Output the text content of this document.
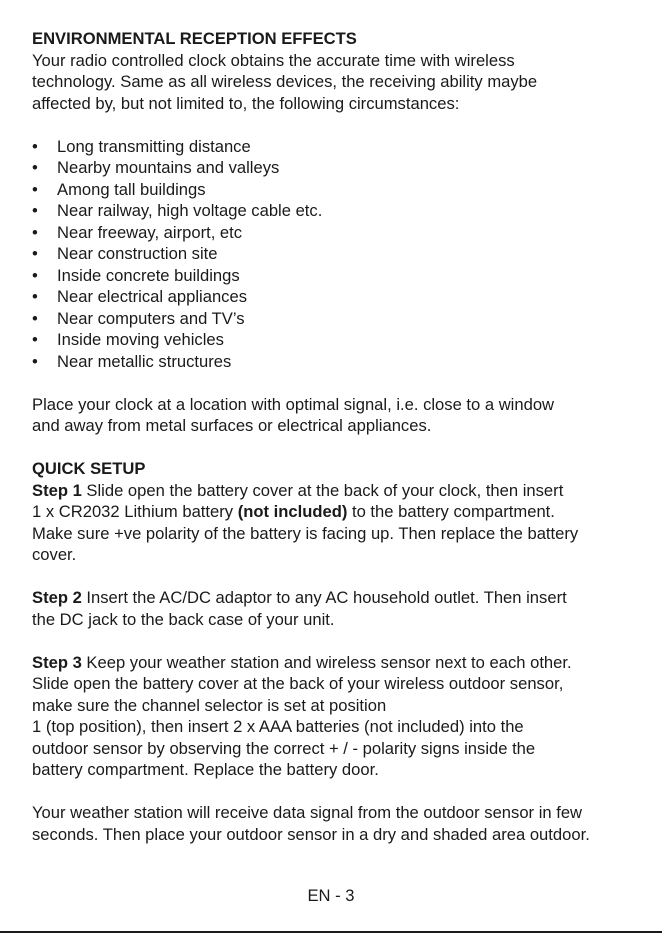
ENVIRONMENTAL RECEPTION EFFECTS

Your radio controlled clock obtains the accurate time with wireless

technology. Same as all wireless devices, the receiving ability maybe

affected by, but not limited to, the following circumstances:

• Long transmitting distance
• Nearby mountains and valleys
• Among tall buildings
• Near railway, high voltage cable etc.
• Near freeway, airport, etc
• Near construction site
• Inside concrete buildings
• Near electrical appliances
• Near computers and TV’s
• Inside moving vehicles
• Near metallic structures

Place your clock at a location with optimal signal, i.e. close to a window

and away from metal surfaces or electrical appliances.

QUICK SETUP

Step 1 Slide open the battery cover at the back of your clock, then insert

1 x CR2032 Lithium battery (not included) to the battery compartment.

Make sure +ve polarity of the battery is facing up. Then replace the battery

cover.

Step 2 Insert the AC/DC adaptor to any AC household outlet. Then insert

the DC jack to the back case of your unit.

Step 3 Keep your weather station and wireless sensor next to each other.

Slide open the battery cover at the back of your wireless outdoor sensor,

make sure the channel selector is set at position

1 (top position), then insert 2 x AAA batteries (not included) into the

outdoor sensor by observing the correct + / - polarity signs inside the

battery compartment. Replace the battery door.

Your weather station will receive data signal from the outdoor sensor in few

seconds. Then place your outdoor sensor in a dry and shaded area outdoor.

EN - 3
